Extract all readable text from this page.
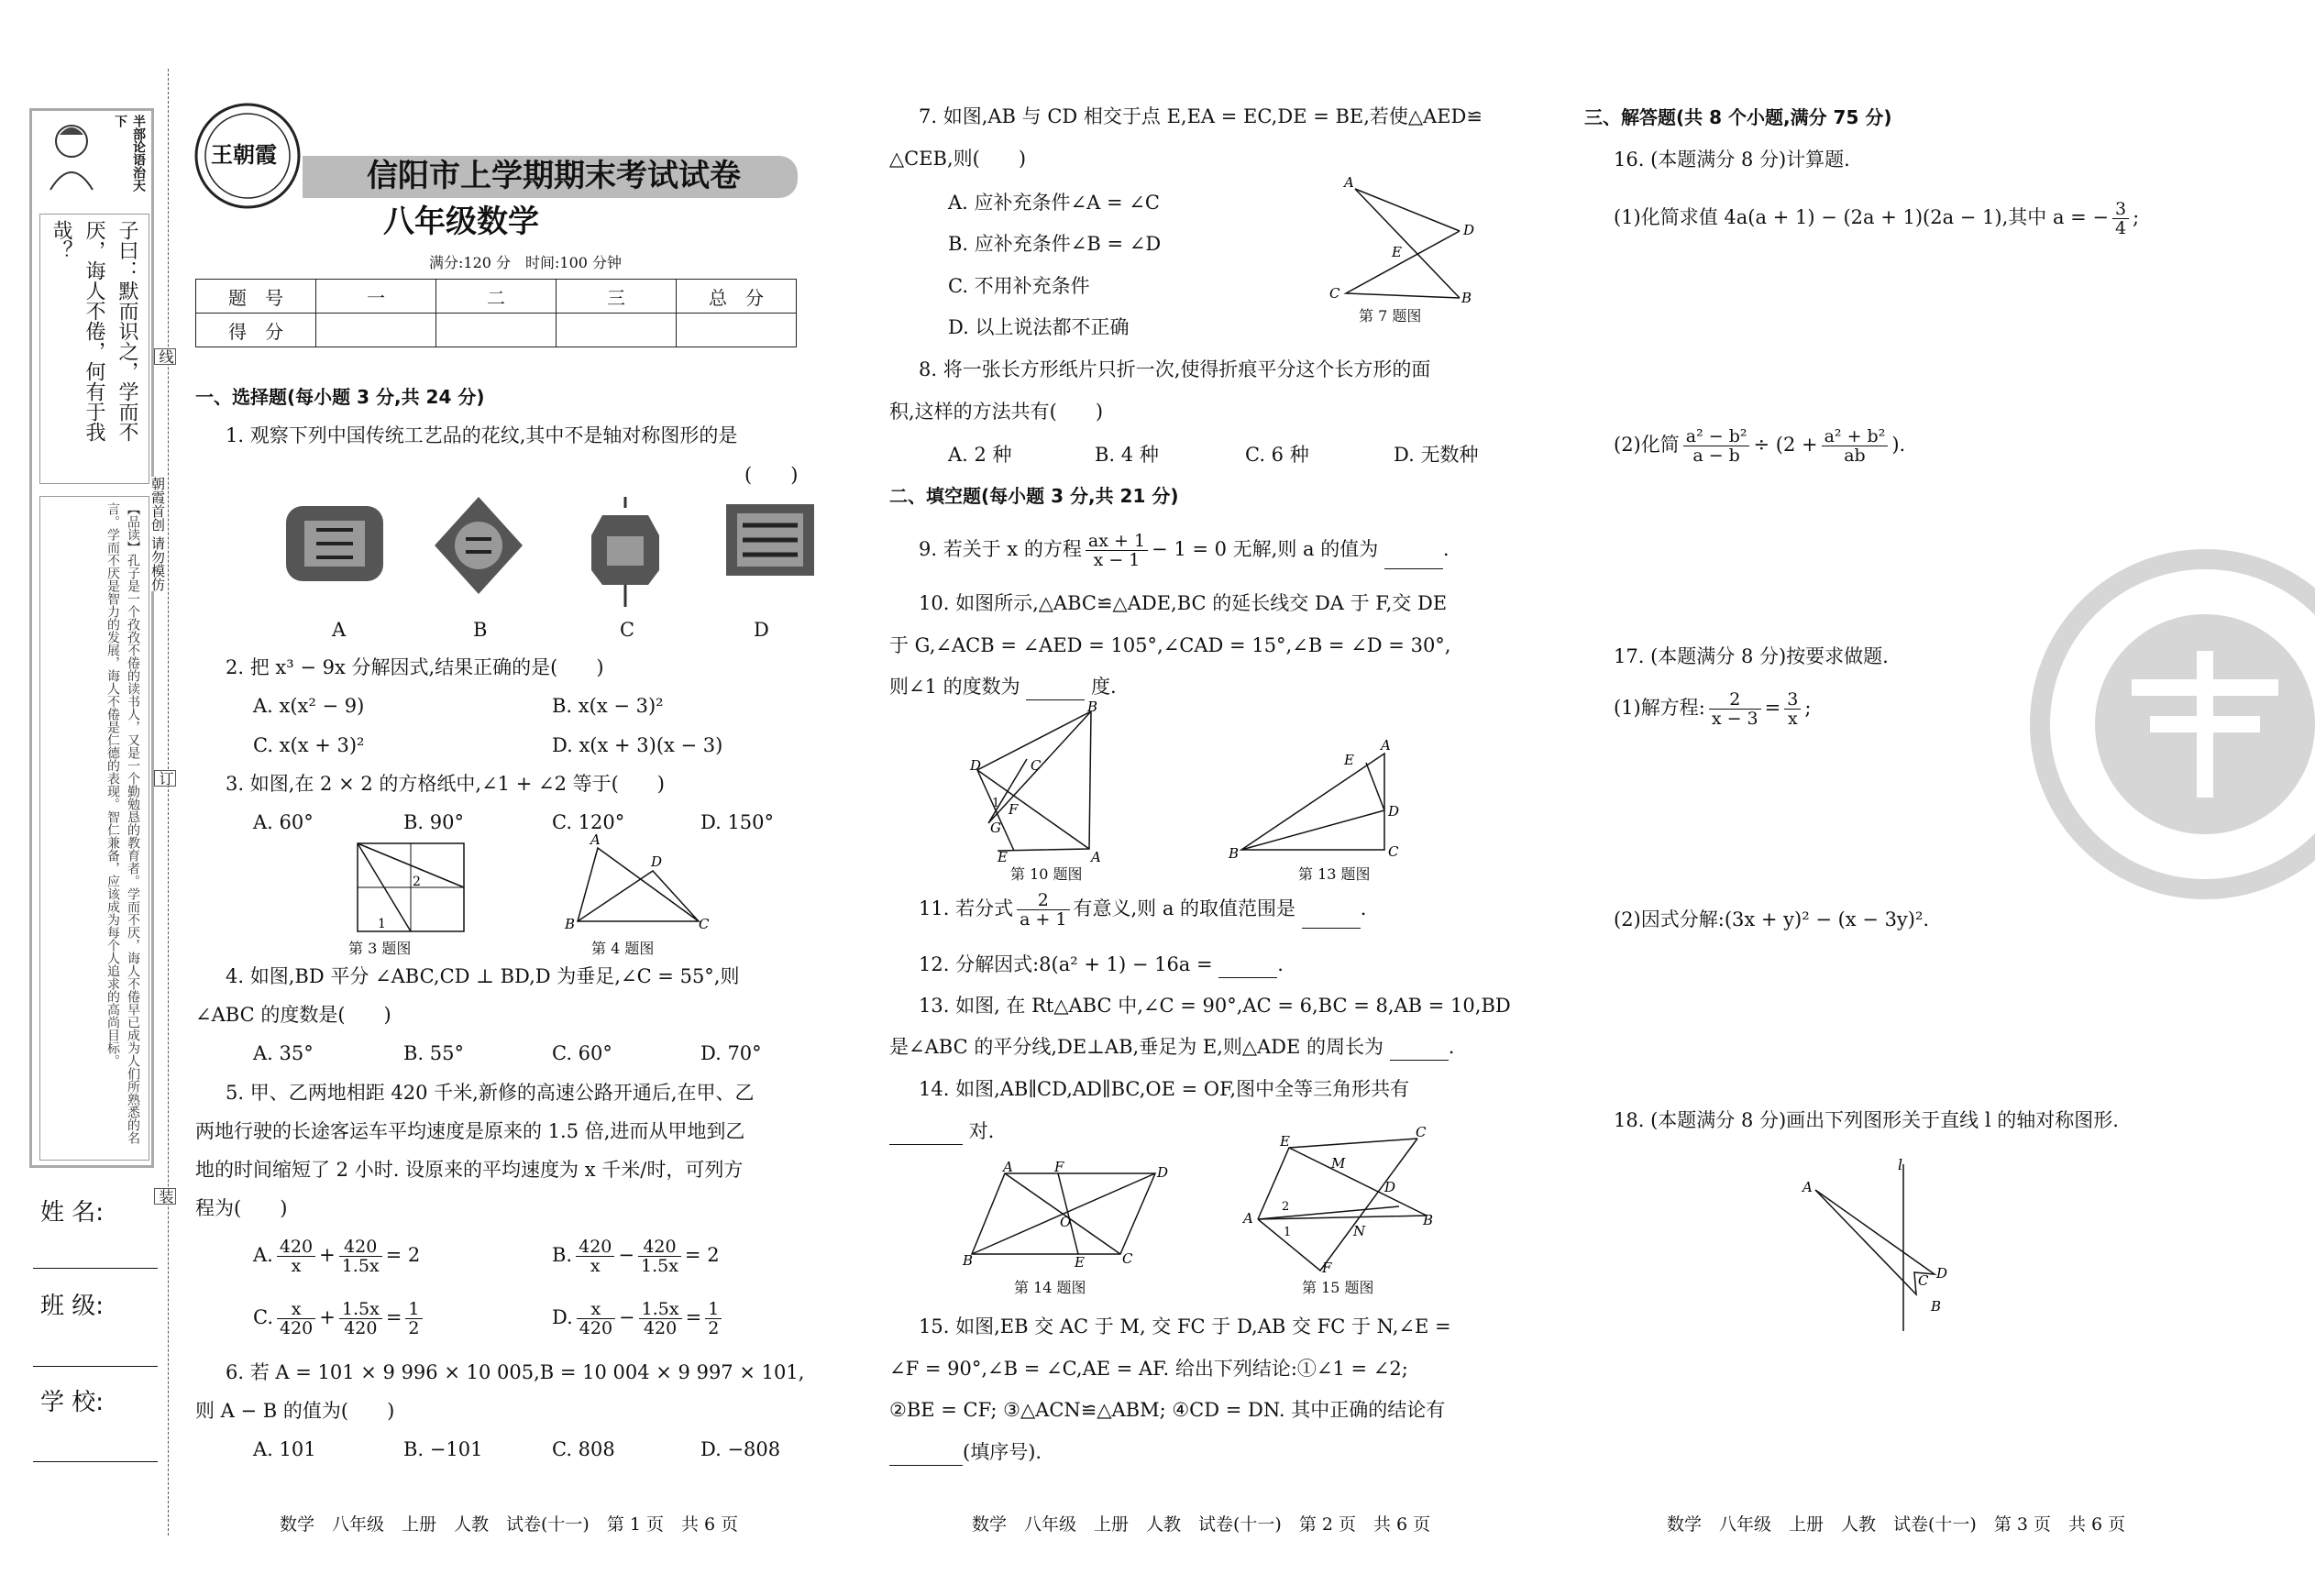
半部论语治天下
子曰：默而识之，学而不厌，诲人不倦，何有于我哉？
【品读】孔子是一个孜孜不倦的读书人，又是一个勤勉恳的教育者。学而不厌，诲人不倦早已成为人们所熟悉的名言。学而不厌是智力的发展，诲人不倦是仁德的表现。智仁兼备，应该成为每个人追求的高尚目标。
姓 名:
班 级:
学 校:
线
朝霞首创 请勿模仿
订
装
王朝霞
信阳市上学期期末考试试卷
八年级数学
满分:120 分　时间:100 分钟
题　号	一	二	三	总　分
得　分				
一、选择题(每小题 3 分,共 24 分)
1. 观察下列中国传统工艺品的花纹,其中不是轴对称图形的是
(　　)
A	B	C	D
2. 把 x³ − 9x 分解因式,结果正确的是(　　)
A. x(x² − 9)	B. x(x − 3)²
C. x(x + 3)²	D. x(x + 3)(x − 3)
3. 如图,在 2 × 2 的方格纸中,∠1 + ∠2 等于(　　)
A. 60°	B. 90°	C. 120°	D. 150°
2
1
第 3 题图
A
D
B	C
第 4 题图
4. 如图,BD 平分 ∠ABC,CD ⊥ BD,D 为垂足,∠C = 55°,则
∠ABC 的度数是(　　)
A. 35°	B. 55°	C. 60°	D. 70°
5. 甲、乙两地相距 420 千米,新修的高速公路开通后,在甲、乙
两地行驶的长途客运车平均速度是原来的 1.5 倍,进而从甲地到乙
地的时间缩短了 2 小时. 设原来的平均速度为 x 千米/时，可列方
程为(　　)
A. $\frac{420}{x} + \frac{420}{1.5x} = 2$	B. $\frac{420}{x} - \frac{420}{1.5x} = 2$
C. $\frac{x}{420} + \frac{1.5x}{420} = \frac{1}{2}$	D. $\frac{x}{420} - \frac{1.5x}{420} = \frac{1}{2}$
6. 若 A = 101 × 9 996 × 10 005,B = 10 004 × 9 997 × 101,
则 A − B 的值为(　　)
A. 101	B. −101	C. 808	D. −808
数学　八年级　上册　人教　试卷(十一)　第 1 页　共 6 页
7. 如图,AB 与 CD 相交于点 E,EA = EC,DE = BE,若使△AED≌
△CEB,则(　　)
A. 应补充条件∠A = ∠C
B. 应补充条件∠B = ∠D
C. 不用补充条件
D. 以上说法都不正确
A
D
E
C	B
第 7 题图
8. 将一张长方形纸片只折一次,使得折痕平分这个长方形的面
积,这样的方法共有(　　)
A. 2 种	B. 4 种	C. 6 种	D. 无数种
二、填空题(每小题 3 分,共 21 分)
9. 若关于 x 的方程 $\frac{ax + 1}{x - 1} - 1 = 0$ 无解,则 a 的值为	.
10. 如图所示,△ABC≌△ADE,BC 的延长线交 DA 于 F,交 DE
于 G,∠ACB = ∠AED = 105°,∠CAD = 15°,∠B = ∠D = 30°,
则∠1 的度数为	度.
B
D	C
F
1
G
E	A
第 10 题图
A
E
D
B	C
第 13 题图
11. 若分式 $\frac{2}{a + 1}$ 有意义,则 a 的取值范围是	.
12. 分解因式:8(a² + 1) − 16a =	.
13. 如图, 在 Rt△ABC 中,∠C = 90°,AC = 6,BC = 8,AB = 10,BD
是∠ABC 的平分线,DE⊥AB,垂足为 E,则△ADE 的周长为	.
14. 如图,AB∥CD,AD∥BC,OE = OF,图中全等三角形共有
对.
A	F	D
O
B	E	C
第 14 题图
E
M
C
D
A
2
1	N
B
F
第 15 题图
15. 如图,EB 交 AC 于 M, 交 FC 于 D,AB 交 FC 于 N,∠E =
∠F = 90°,∠B = ∠C,AE = AF. 给出下列结论:①∠1 = ∠2;
②BE = CF; ③△ACN≌△ABM; ④CD = DN. 其中正确的结论有
(填序号).
数学　八年级　上册　人教　试卷(十一)　第 2 页　共 6 页
三、解答题(共 8 个小题,满分 75 分)
16. (本题满分 8 分)计算题.
(1)化简求值 4a(a + 1) − (2a + 1)(2a − 1),其中 a = − $\frac{3}{4}$ ;
(2)化简 $\frac{\text{a² − b²}}{a - b} \div (2 + \frac{\text{a² + b²}}{ab}$ ).
17. (本题满分 8 分)按要求做题.
(1)解方程: $\frac{2}{x - 3} = \frac{3}{x}$ ;
(2)因式分解:(3x + y)² − (x − 3y)².
18. (本题满分 8 分)画出下列图形关于直线 l 的轴对称图形.
l
A
D
C
B
数学　八年级　上册　人教　试卷(十一)　第 3 页　共 6 页
